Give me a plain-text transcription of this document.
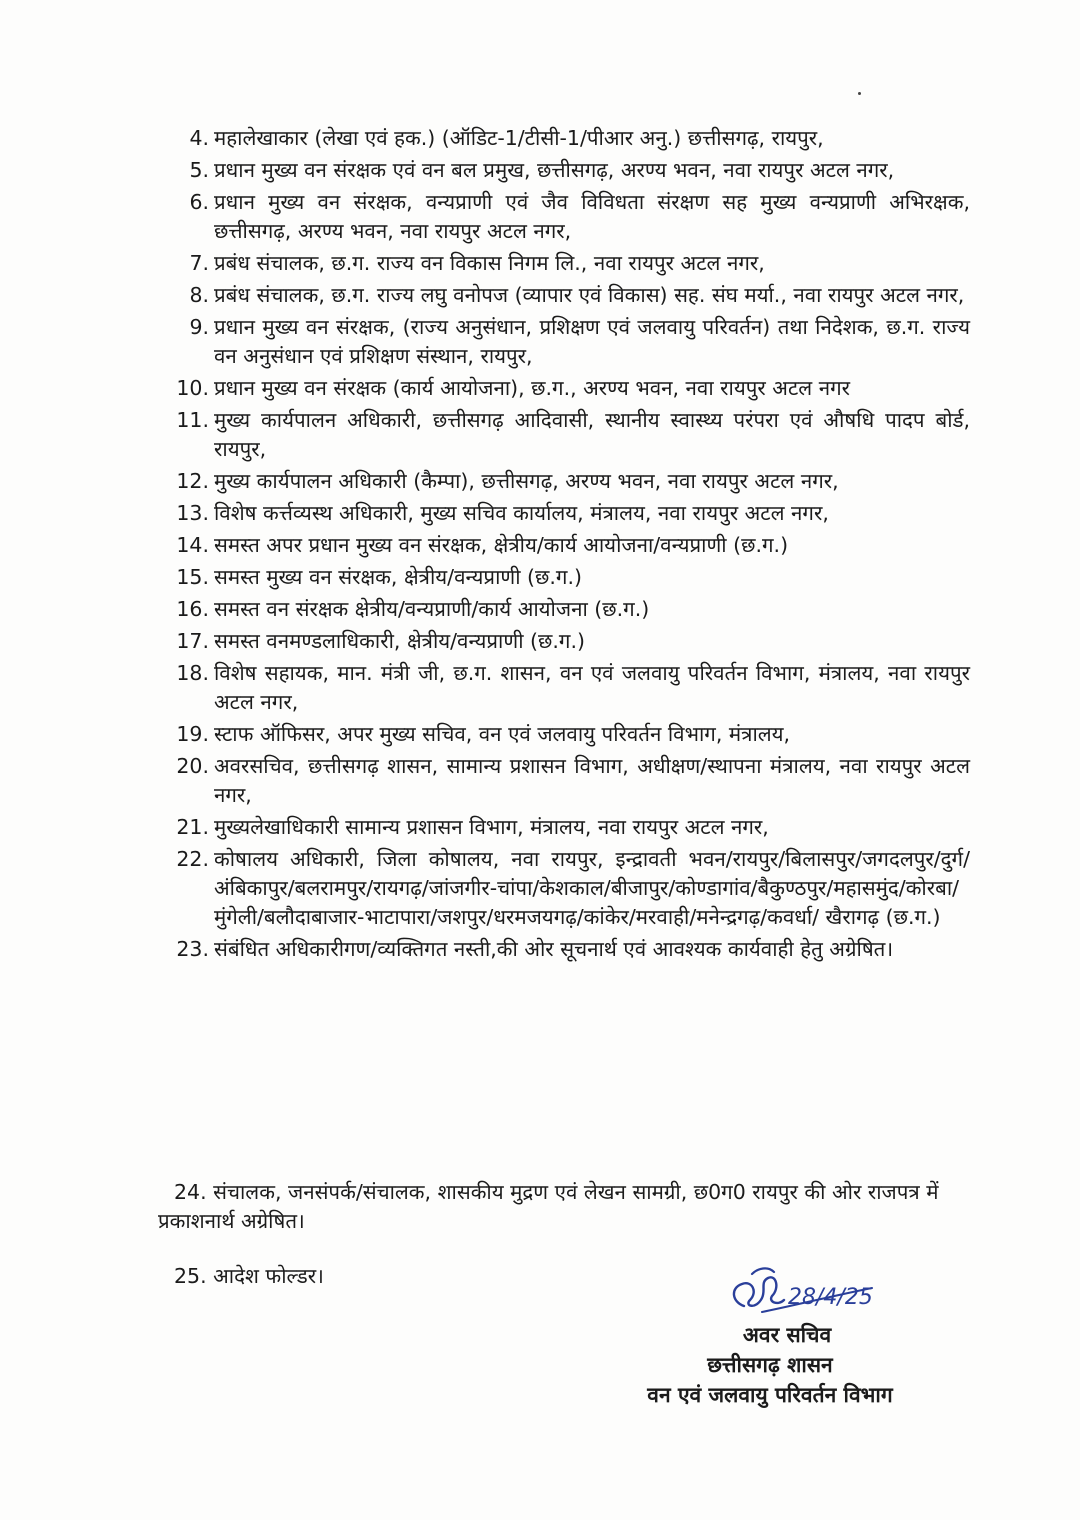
4. महालेखाकार (लेखा एवं हक.) (ऑडिट-1/टीसी-1/पीआर अनु.) छत्तीसगढ़, रायपुर,
5. प्रधान मुख्य वन संरक्षक एवं वन बल प्रमुख, छत्तीसगढ़, अरण्य भवन, नवा रायपुर अटल नगर,
6. प्रधान मुख्य वन संरक्षक, वन्यप्राणी एवं जैव विविधता संरक्षण सह मुख्य वन्यप्राणी अभिरक्षक, छत्तीसगढ़, अरण्य भवन, नवा रायपुर अटल नगर,
7. प्रबंध संचालक, छ.ग. राज्य वन विकास निगम लि., नवा रायपुर अटल नगर,
8. प्रबंध संचालक, छ.ग. राज्य लघु वनोपज (व्यापार एवं विकास) सह. संघ मर्या., नवा रायपुर अटल नगर,
9. प्रधान मुख्य वन संरक्षक, (राज्य अनुसंधान, प्रशिक्षण एवं जलवायु परिवर्तन) तथा निदेशक, छ.ग. राज्य वन अनुसंधान एवं प्रशिक्षण संस्थान, रायपुर,
10. प्रधान मुख्य वन संरक्षक (कार्य आयोजना), छ.ग., अरण्य भवन, नवा रायपुर अटल नगर
11. मुख्य कार्यपालन अधिकारी, छत्तीसगढ़ आदिवासी, स्थानीय स्वास्थ्य परंपरा एवं औषधि पादप बोर्ड, रायपुर,
12. मुख्य कार्यपालन अधिकारी (कैम्पा), छत्तीसगढ़, अरण्य भवन, नवा रायपुर अटल नगर,
13. विशेष कर्त्तव्यस्थ अधिकारी, मुख्य सचिव कार्यालय, मंत्रालय, नवा रायपुर अटल नगर,
14. समस्त अपर प्रधान मुख्य वन संरक्षक, क्षेत्रीय/कार्य आयोजना/वन्यप्राणी (छ.ग.)
15. समस्त मुख्य वन संरक्षक, क्षेत्रीय/वन्यप्राणी (छ.ग.)
16. समस्त वन संरक्षक क्षेत्रीय/वन्यप्राणी/कार्य आयोजना (छ.ग.)
17. समस्त वनमण्डलाधिकारी, क्षेत्रीय/वन्यप्राणी (छ.ग.)
18. विशेष सहायक, मान. मंत्री जी, छ.ग. शासन, वन एवं जलवायु परिवर्तन विभाग, मंत्रालय, नवा रायपुर अटल नगर,
19. स्टाफ ऑफिसर, अपर मुख्य सचिव, वन एवं जलवायु परिवर्तन विभाग, मंत्रालय,
20. अवरसचिव, छत्तीसगढ़ शासन, सामान्य प्रशासन विभाग, अधीक्षण/स्थापना मंत्रालय, नवा रायपुर अटल नगर,
21. मुख्यलेखाधिकारी सामान्य प्रशासन विभाग, मंत्रालय, नवा रायपुर अटल नगर,
22. कोषालय अधिकारी, जिला कोषालय, नवा रायपुर, इन्द्रावती भवन/रायपुर/बिलासपुर/जगदलपुर/दुर्ग/अंबिकापुर/बलरामपुर/रायगढ़/जांजगीर-चांपा/केशकाल/बीजापुर/कोण्डागांव/बैकुण्ठपुर/महासमुंद/कोरबा/मुंगेली/बलौदाबाजार-भाटापारा/जशपुर/धरमजयगढ़/कांकेर/मरवाही/मनेन्द्रगढ़/कवर्धा/ खैरागढ़ (छ.ग.)
23. संबंधित अधिकारीगण/व्यक्तिगत नस्ती,की ओर सूचनार्थ एवं आवश्यक कार्यवाही हेतु अग्रेषित।
24. संचालक, जनसंपर्क/संचालक, शासकीय मुद्रण एवं लेखन सामग्री, छ0ग0 रायपुर की ओर राजपत्र में प्रकाशनार्थ अग्रेषित।
25. आदेश फोल्डर।
28/4/25
अवर सचिव
छत्तीसगढ़ शासन
वन एवं जलवायु परिवर्तन विभाग
